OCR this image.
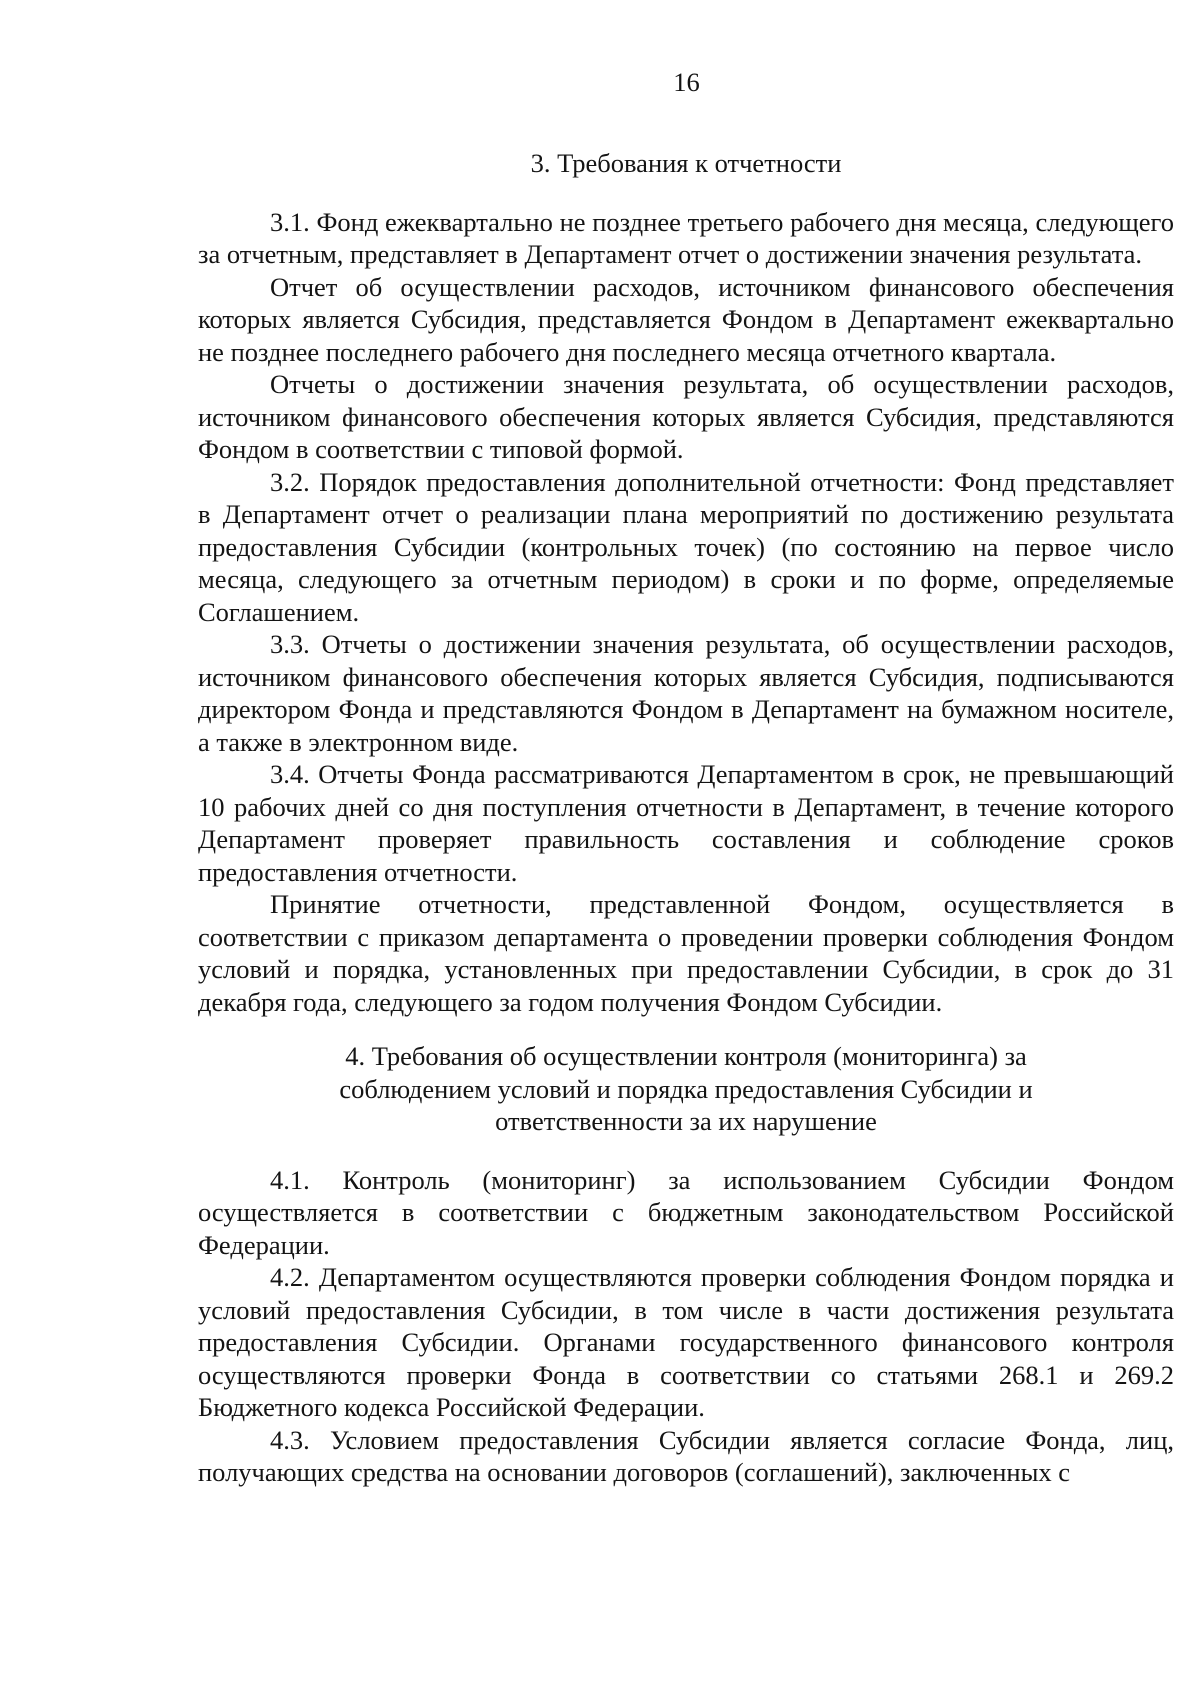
16
3. Требования к отчетности

3.1. Фонд ежеквартально не позднее третьего рабочего дня месяца, следующего за отчетным, представляет в Департамент отчет о достижении значения результата.

Отчет об осуществлении расходов, источником финансового обеспечения которых является Субсидия, представляется Фондом в Департамент ежеквартально не позднее последнего рабочего дня последнего месяца отчетного квартала.

Отчеты о достижении значения результата, об осуществлении расходов, источником финансового обеспечения которых является Субсидия, представляются Фондом в соответствии с типовой формой.

3.2. Порядок предоставления дополнительной отчетности: Фонд представляет в Департамент отчет о реализации плана мероприятий по достижению результата предоставления Субсидии (контрольных точек) (по состоянию на первое число месяца, следующего за отчетным периодом) в сроки и по форме, определяемые Соглашением.

3.3. Отчеты о достижении значения результата, об осуществлении расходов, источником финансового обеспечения которых является Субсидия, подписываются директором Фонда и представляются Фондом в Департамент на бумажном носителе, а также в электронном виде.

3.4. Отчеты Фонда рассматриваются Департаментом в срок, не превышающий 10 рабочих дней со дня поступления отчетности в Департамент, в течение которого Департамент проверяет правильность составления и соблюдение сроков предоставления отчетности.

Принятие отчетности, представленной Фондом, осуществляется в соответствии с приказом департамента о проведении проверки соблюдения Фондом условий и порядка, установленных при предоставлении Субсидии, в срок до 31 декабря года, следующего за годом получения Фондом Субсидии.

4. Требования об осуществлении контроля (мониторинга) за
соблюдением условий и порядка предоставления Субсидии и
ответственности за их нарушение

4.1. Контроль (мониторинг) за использованием Субсидии Фондом осуществляется в соответствии с бюджетным законодательством Российской Федерации.

4.2. Департаментом осуществляются проверки соблюдения Фондом порядка и условий предоставления Субсидии, в том числе в части достижения результата предоставления Субсидии. Органами государственного финансового контроля осуществляются проверки Фонда в соответствии со статьями 268.1 и 269.2 Бюджетного кодекса Российской Федерации.

4.3. Условием предоставления Субсидии является согласие Фонда, лиц, получающих средства на основании договоров (соглашений), заключенных с
